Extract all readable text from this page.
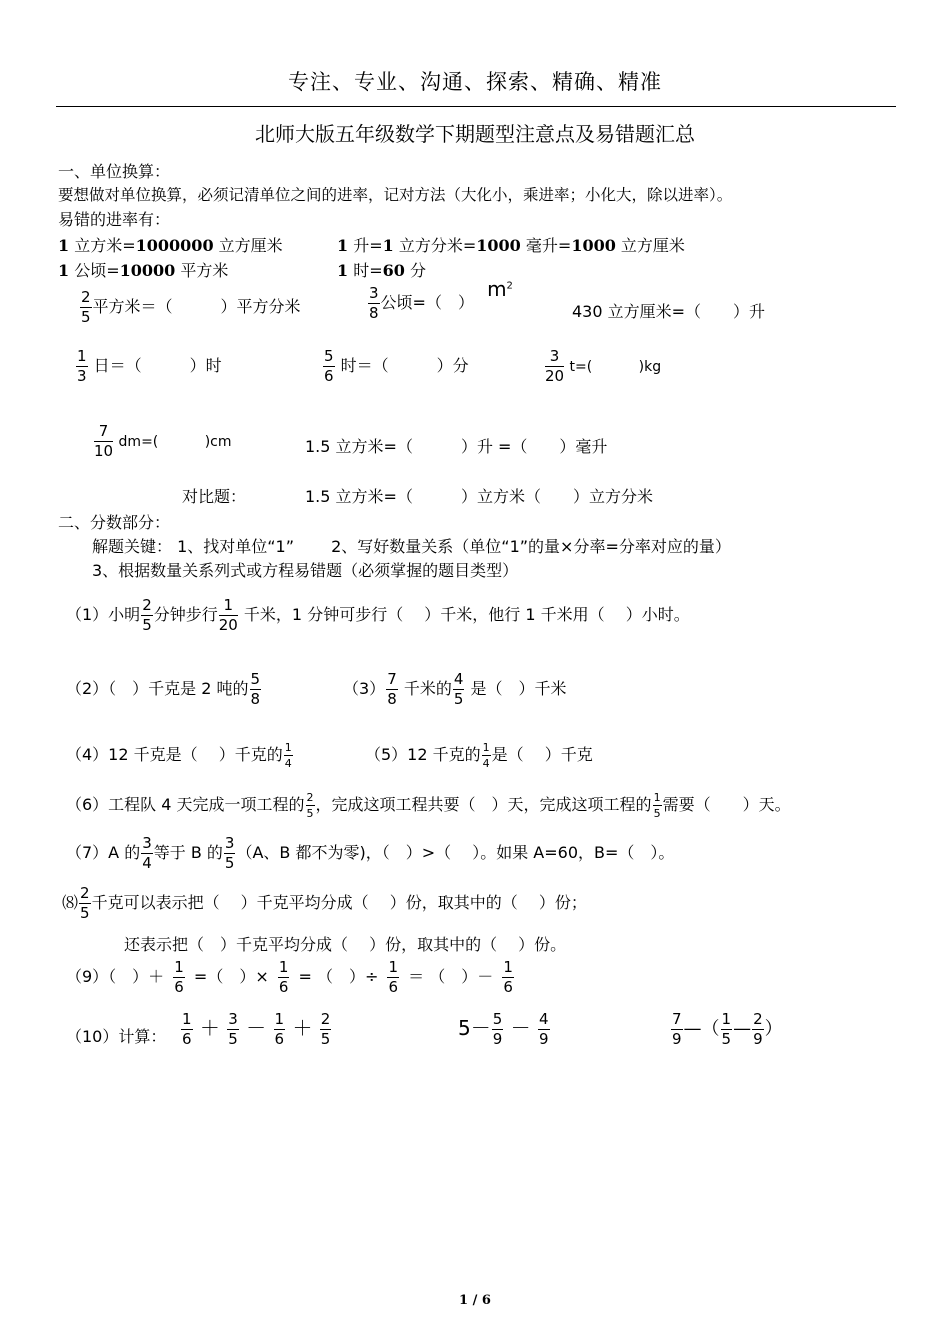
专注、专业、沟通、探索、精确、精准
北师大版五年级数学下期题型注意点及易错题汇总
一、单位换算：
要想做对单位换算，必须记清单位之间的进率，记对方法（大化小，乘进率；小化大，除以进率）。
易错的进率有：
1 立方米=1000000 立方厘米	1 升=1 立方分米=1000 毫升=1000 立方厘米
1 公顷=10000 平方米	1 时=60 分
$\frac{2}{5}$ 平方米＝（　　　）平方分米	$\frac{3}{8}$ 公顷=（　） $m^2$
430 立方厘米=（　　）升
$\frac{1}{3}$ 日＝（　　　）时	$\frac{5}{6}$ 时＝（　　　）分	$\frac{3}{20} t=$(　　　 )kg
$\frac{7}{10} dm=$(　　　 )cm	1.5 立方米=（　　　）升 =（　　）毫升
对比题：	1.5 立方米=（　　　）立方米（　　）立方分米
二、分数部分：
解题关键： 1、找对单位“1”　　 2、写好数量关系（单位“1”的量×分率=分率对应的量）
3、根据数量关系列式或方程易错题（必须掌握的题目类型）
（1）小明 $\frac{2}{5}$ 分钟步行 $\frac{1}{20}$ 千米，1 分钟可步行（　 ）千米，他行 1 千米用（　 ）小时。
（2）（　）千克是 2 吨的 $\frac{5}{8}$	$(3) \frac{7}{8}$ 千米的 $\frac{4}{5}$ 是（　）千米
（4）12 千克是（　 ）千克的 $\frac{1}{4}$	（5）12 千克的 $\frac{1}{4}$ 是（　 ）千克
（6）工程队 4 天完成一项工程的 $\frac{2}{5}$ ，完成这项工程共要（　）天，完成这项工程的 $\frac{1}{5}$ 需要（　　）天。
（7）A 的 $\frac{3}{4}$ 等于 B 的 $\frac{3}{5} (A$、B 都不为零)，（　）>（　 ）。如果 A=60，B=（　）。
⑻ $\frac{2}{5}$ 千克可以表示把（　 ）千克平均分成（　 ）份，取其中的（　 ）份；
还表示把（　）千克平均分成（　 ）份，取其中的（　 ）份。
（9）（　）＋ $\frac{1}{6}$ =（　）× $\frac{1}{6}$ = （　）÷ $\frac{1}{6}$ ＝ （　）－ $\frac{1}{6}$
（10）计算： $\frac{1}{6} + \frac{3}{5} - \frac{1}{6} + \frac{2}{5}$	$5- \frac{5}{9} - \frac{4}{9}$	$\frac{7}{9}$ —（ $\frac{1}{5}$ — $\frac{2}{9}$ ）
1 / 6
